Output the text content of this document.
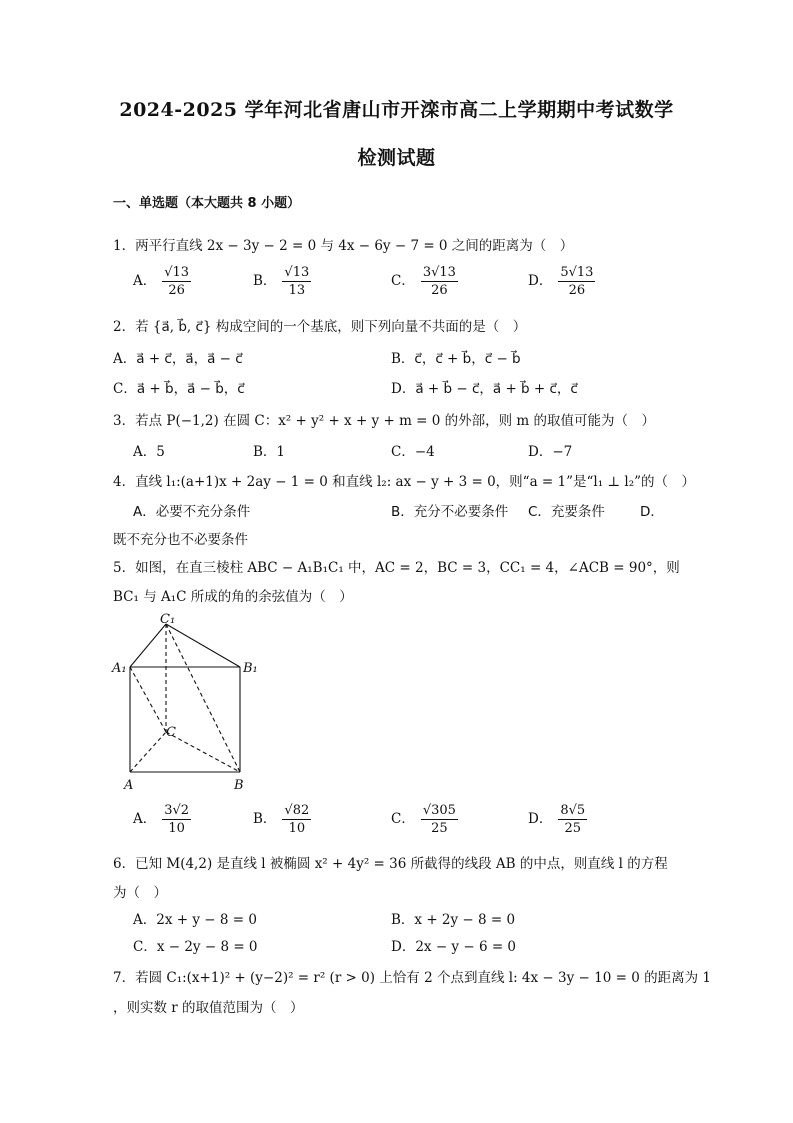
2024-2025 学年河北省唐山市开滦市高二上学期期中考试数学
检测试题
一、单选题（本大题共 8 小题）
1．两平行直线 2x − 3y − 2 = 0 与 4x − 6y − 7 = 0 之间的距离为（　）
A． $\frac{√13}{26}$	B． $\frac{√13}{13}$	C． $\frac{3√13}{26}$	D． $\frac{5√13}{26}$
2．若 {a⃗, b⃗, c⃗} 构成空间的一个基底，则下列向量不共面的是（　）
A．a⃗ + c⃗，a⃗，a⃗ − c⃗	B．c⃗，c⃗ + b⃗，c⃗ − b⃗
C．a⃗ + b⃗，a⃗ − b⃗，c⃗	D．a⃗ + b⃗ − c⃗，a⃗ + b⃗ + c⃗，c⃗
3．若点 P(−1,2) 在圆 C：x² + y² + x + y + m = 0 的外部，则 m 的取值可能为（　）
A．5	B．1	C．−4	D．−7
4．直线 l₁:(a+1)x + 2ay − 1 = 0 和直线 l₂: ax − y + 3 = 0，则“a = 1”是“l₁ ⊥ l₂”的（　）
A．必要不充分条件	B．充分不必要条件 C．充要条件	D．
既不充分也不必要条件
5．如图，在直三棱柱 ABC − A₁B₁C₁ 中，AC = 2，BC = 3，CC₁ = 4，∠ACB = 90°，则
BC₁ 与 A₁C 所成的角的余弦值为（　）
C₁
A₁	B₁
C
A	B
A． $\frac{3√2}{10}$	B． $\frac{√82}{10}$	C． $\frac{√305}{25}$	D． $\frac{8√5}{25}$
6．已知 M(4,2) 是直线 l 被椭圆 x² + 4y² = 36 所截得的线段 AB 的中点，则直线 l 的方程
为（　）
A．2x + y − 8 = 0	B．x + 2y − 8 = 0
C．x − 2y − 8 = 0	D．2x − y − 6 = 0
7．若圆 C₁:(x+1)² + (y−2)² = r² (r > 0) 上恰有 2 个点到直线 l: 4x − 3y − 10 = 0 的距离为 1
，则实数 r 的取值范围为（　）
